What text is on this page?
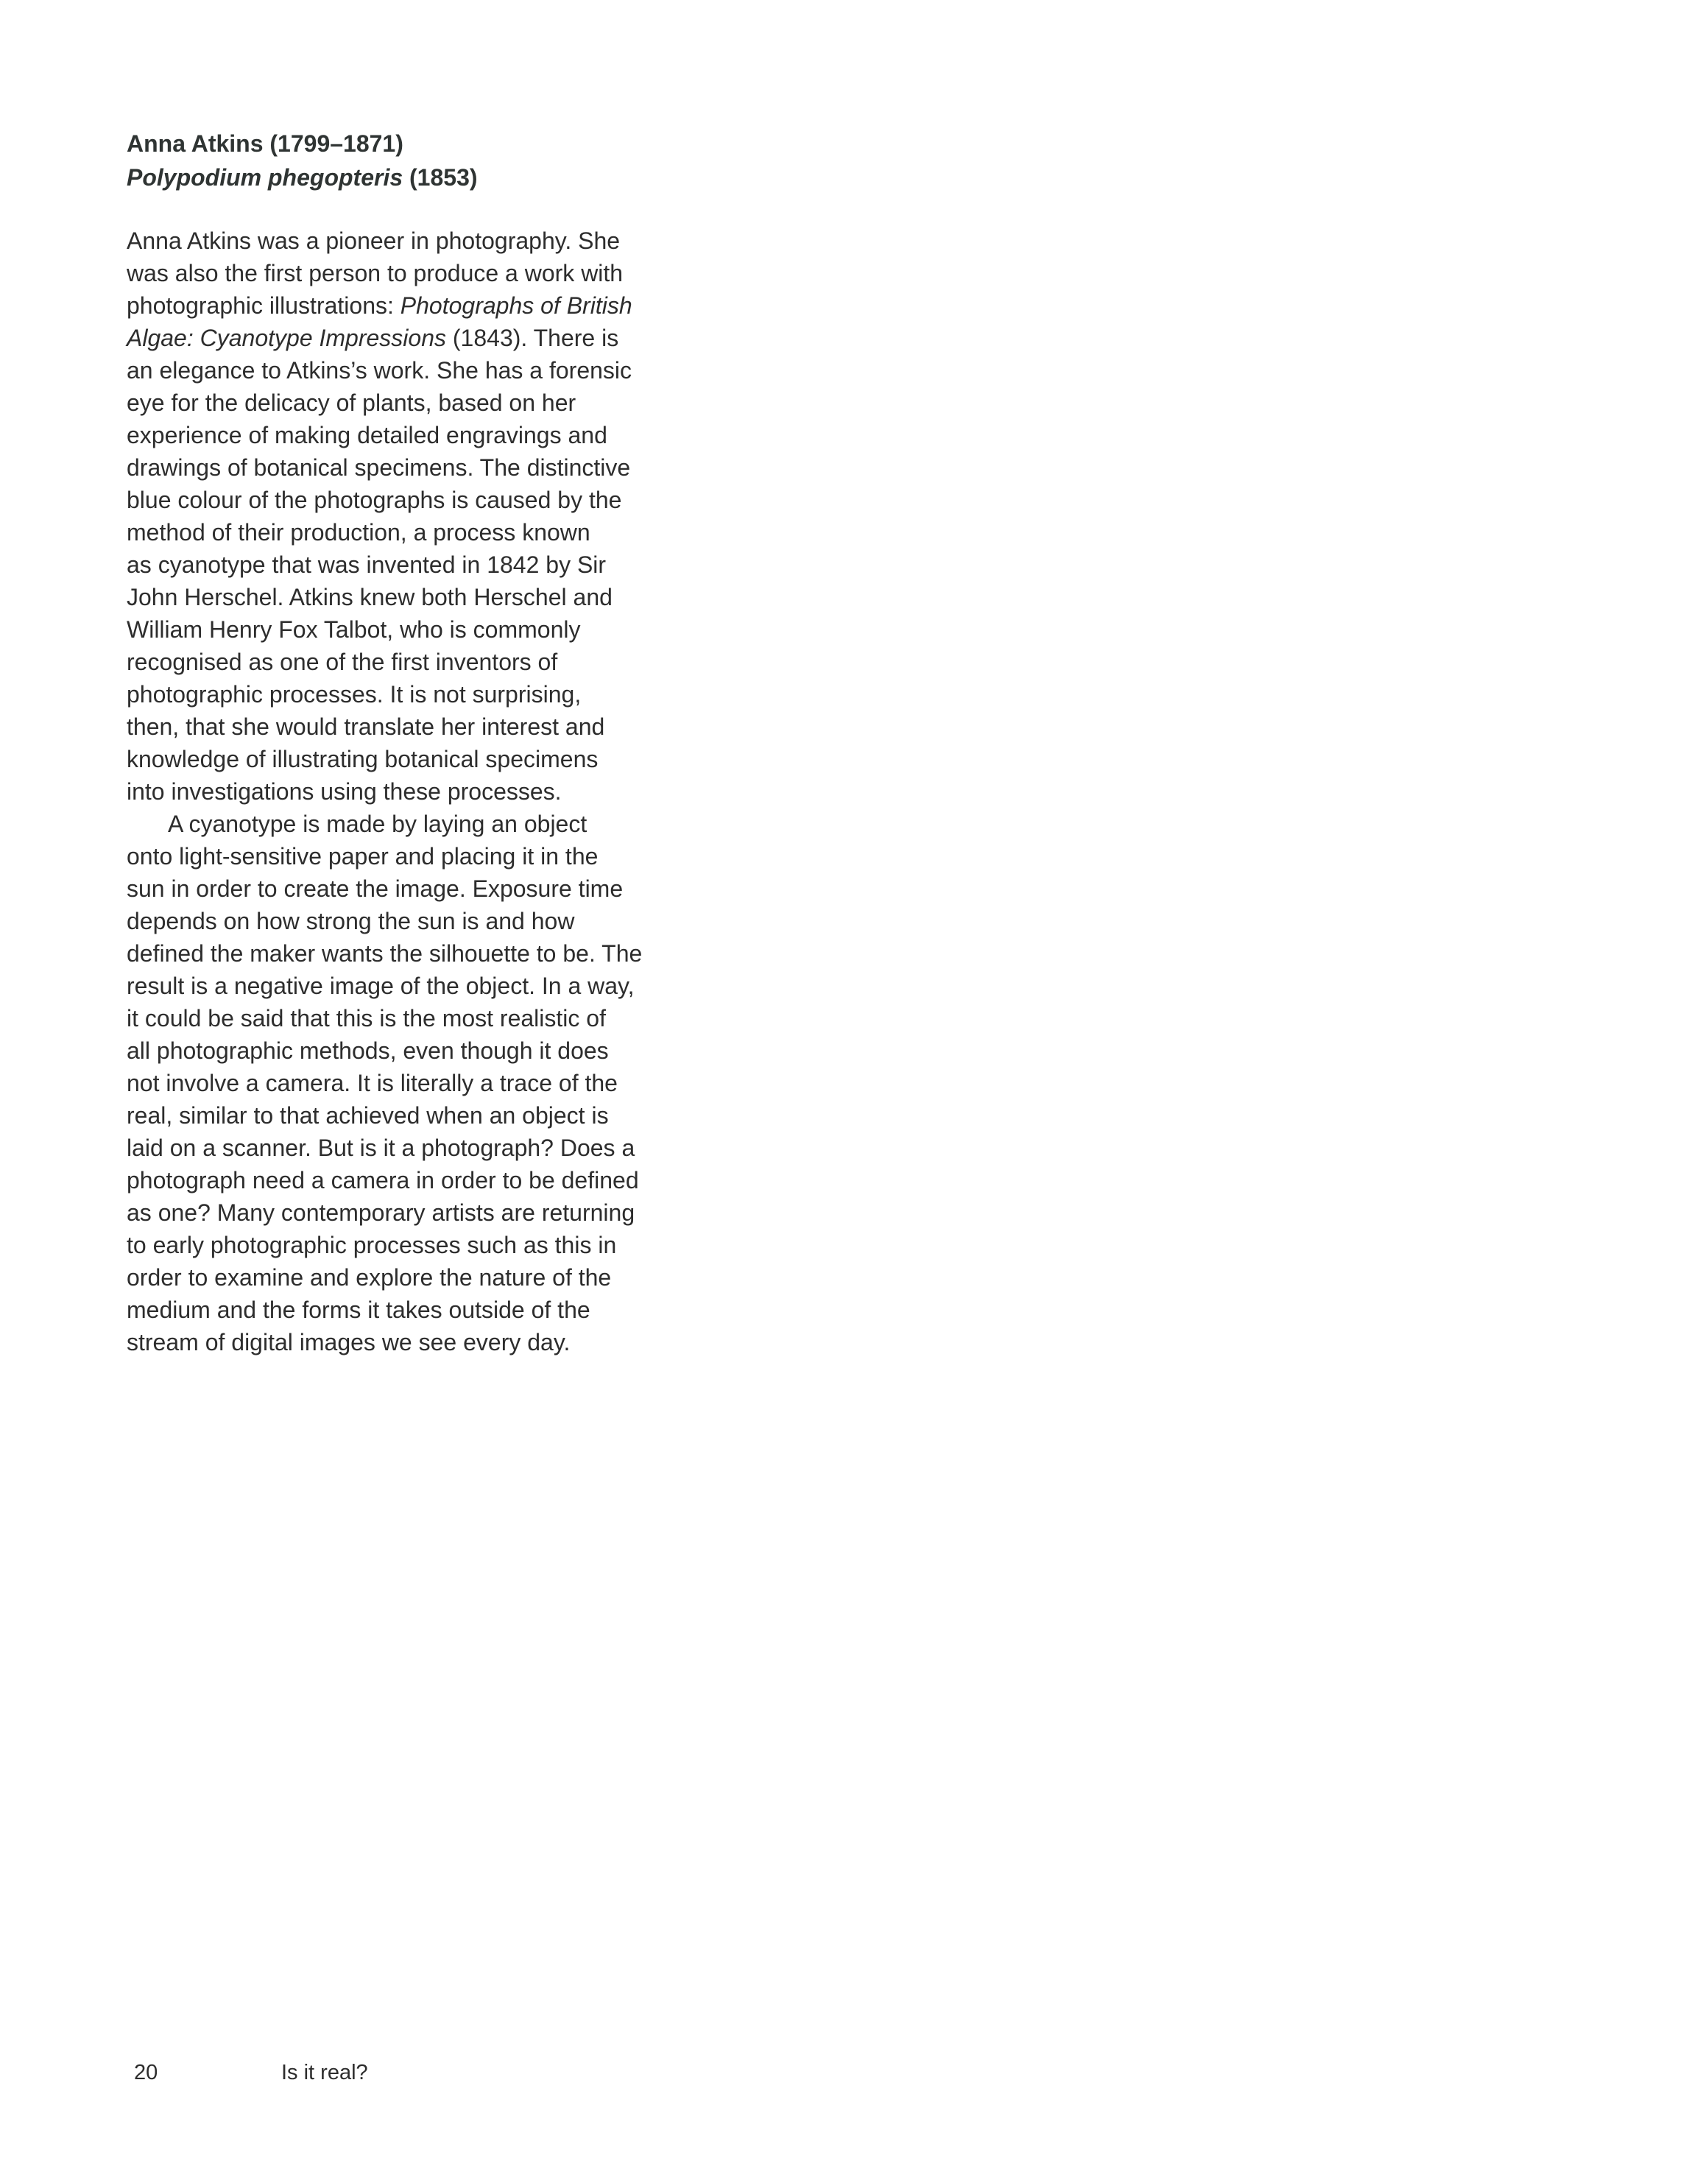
Anna Atkins (1799–1871)
Polypodium phegopteris (1853)
Anna Atkins was a pioneer in photography. She
was also the first person to produce a work with
photographic illustrations: Photographs of British
Algae: Cyanotype Impressions (1843). There is
an elegance to Atkins’s work. She has a forensic
eye for the delicacy of plants, based on her
experience of making detailed engravings and
drawings of botanical specimens. The distinctive
blue colour of the photographs is caused by the
method of their production, a process known
as cyanotype that was invented in 1842 by Sir
John Herschel. Atkins knew both Herschel and
William Henry Fox Talbot, who is commonly
recognised as one of the first inventors of
photographic processes. It is not surprising,
then, that she would translate her interest and
knowledge of illustrating botanical specimens
into investigations using these processes.
A cyanotype is made by laying an object
onto light-sensitive paper and placing it in the
sun in order to create the image. Exposure time
depends on how strong the sun is and how
defined the maker wants the silhouette to be. The
result is a negative image of the object. In a way,
it could be said that this is the most realistic of
all photographic methods, even though it does
not involve a camera. It is literally a trace of the
real, similar to that achieved when an object is
laid on a scanner. But is it a photograph? Does a
photograph need a camera in order to be defined
as one? Many contemporary artists are returning
to early photographic processes such as this in
order to examine and explore the nature of the
medium and the forms it takes outside of the
stream of digital images we see every day.
20	Is it real?
